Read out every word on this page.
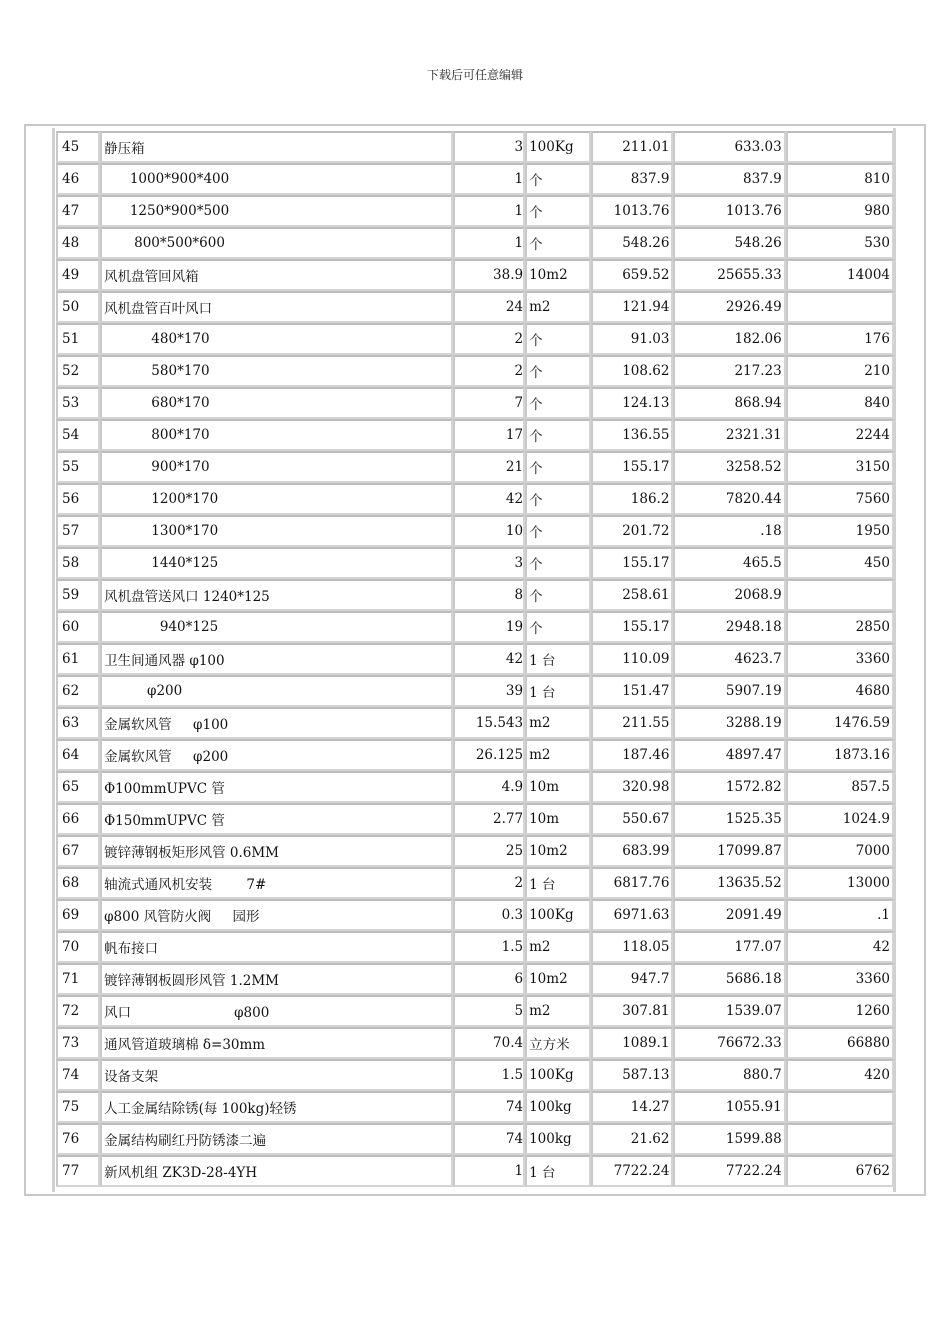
下载后可任意编辑
45	静压箱	3	100Kg	211.01	633.03	
46	1000*900*400	1	个	837.9	837.9	810
47	1250*900*500	1	个	1013.76	1013.76	980
48	800*500*600	1	个	548.26	548.26	530
49	风机盘管回风箱	38.9	10m2	659.52	25655.33	14004
50	风机盘管百叶风口	24	m2	121.94	2926.49	
51	480*170	2	个	91.03	182.06	176
52	580*170	2	个	108.62	217.23	210
53	680*170	7	个	124.13	868.94	840
54	800*170	17	个	136.55	2321.31	2244
55	900*170	21	个	155.17	3258.52	3150
56	1200*170	42	个	186.2	7820.44	7560
57	1300*170	10	个	201.72	.18	1950
58	1440*125	3	个	155.17	465.5	450
59	风机盘管送风口 1240*125	8	个	258.61	2068.9	
60	940*125	19	个	155.17	2948.18	2850
61	卫生间通风器 φ100	42	1 台	110.09	4623.7	3360
62	φ200	39	1 台	151.47	5907.19	4680
63	金属软风管     φ100	15.543	m2	211.55	3288.19	1476.59
64	金属软风管     φ200	26.125	m2	187.46	4897.47	1873.16
65	Φ100mmUPVC 管	4.9	10m	320.98	1572.82	857.5
66	Φ150mmUPVC 管	2.77	10m	550.67	1525.35	1024.9
67	镀锌薄钢板矩形风管 0.6MM	25	10m2	683.99	17099.87	7000
68	轴流式通风机安装        7#	2	1 台	6817.76	13635.52	13000
69	φ800 风管防火阀     园形	0.3	100Kg	6971.63	2091.49	.1
70	帆布接口	1.5	m2	118.05	177.07	42
71	镀锌薄钢板圆形风管 1.2MM	6	10m2	947.7	5686.18	3360
72	风口                        φ800	5	m2	307.81	1539.07	1260
73	通风管道玻璃棉 δ=30mm	70.4	立方米	1089.1	76672.33	66880
74	设备支架	1.5	100Kg	587.13	880.7	420
75	人工金属结除锈(每 100kg)轻锈	74	100kg	14.27	1055.91	
76	金属结构刷红丹防锈漆二遍	74	100kg	21.62	1599.88	
77	新风机组 ZK3D-28-4YH	1	1 台	7722.24	7722.24	6762
